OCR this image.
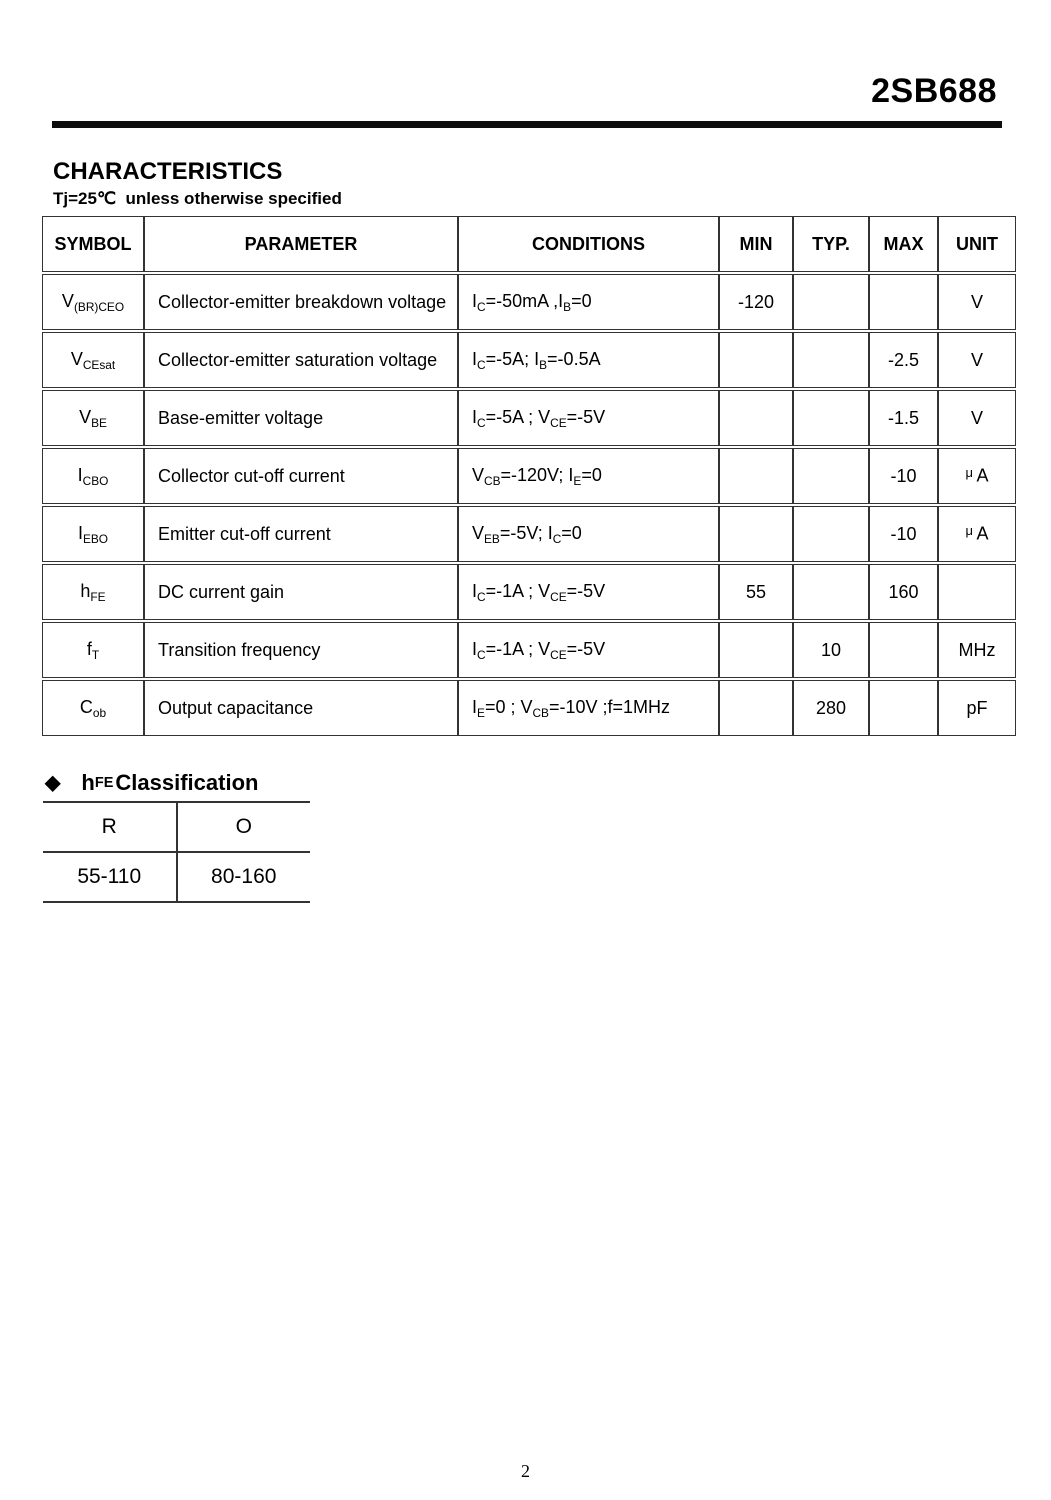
2SB688
CHARACTERISTICS
Tj=25℃  unless otherwise specified
SYMBOL	PARAMETER	CONDITIONS	MIN	TYP.	MAX	UNIT
$V_{(BR)CEO}$	Collector-emitter breakdown voltage	$I_C=-50mA$ $,I_B=0$	-120			V
$V_{CEsat}$	Collector-emitter saturation voltage	$I_C=-5A$; $I_B=-0.5A$			-2.5	V
$V_{BE}$	Base-emitter voltage	$I_C=-5A$ ; $V_{CE}=-5V$			-1.5	V
$I_{CBO}$	Collector cut-off current	$V_{CB}=-120V$; $I_E=0$			-10	$^\mu$ A
$I_{EBO}$	Emitter cut-off current	$V_{EB}=-5V$; $I_C=0$			-10	$^\mu$ A
$h_{FE}$	DC current gain	$I_C=-1A$ ; $V_{CE}=-5V$	55		160	
$f_T$	Transition frequency	$I_C=-1A$ ; $V_{CE}=-5V$		10		MHz
$C_{ob}$	Output capacitance	$I_E=0$ ; $V_{CB}=-10V$ ;f=1MHz		280		pF
◆ h FE Classification
R	O
55-110	80-160
2
